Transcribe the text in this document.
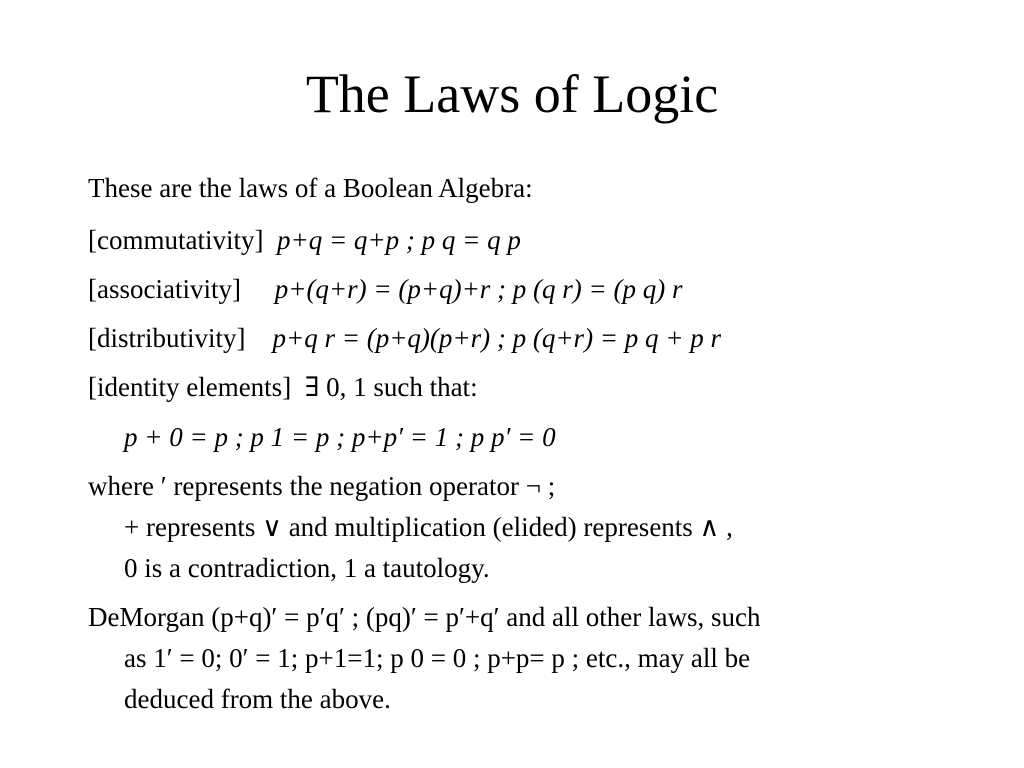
The Laws of Logic
These are the laws of a Boolean Algebra:
[commutativity] p+q = q+p ; p q = q p
[associativity] p+(q+r) = (p+q)+r ; p (q r) = (p q) r
[distributivity] p+q r = (p+q)(p+r) ; p (q+r) = p q + p r
[identity elements] ∃ 0, 1 such that:
p + 0 = p ; p 1 = p ; p+p′ = 1 ; p p′ = 0
where ′ represents the negation operator ¬ ;
+ represents ∨ and multiplication (elided) represents ∧ ,
0 is a contradiction, 1 a tautology.
DeMorgan (p+q)′ = p′q′ ; (pq)′ = p′+q′ and all other laws, such
as 1′ = 0; 0′ = 1; p+1=1; p 0 = 0 ; p+p= p ; etc., may all be
deduced from the above.
